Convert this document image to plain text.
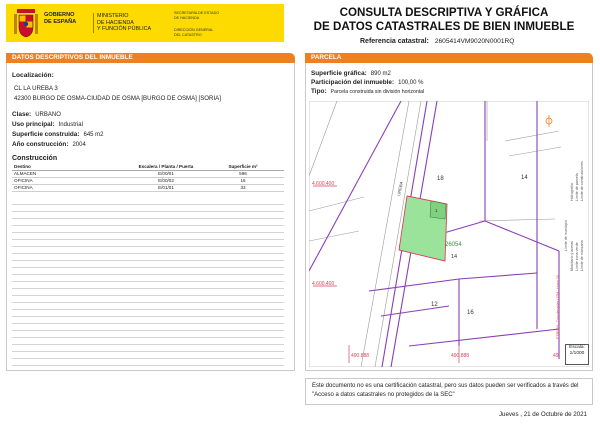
GOBIERNO
DE ESPAÑA
MINISTERIO
DE HACIENDA
Y FUNCIÓN PÚBLICA
SECRETARÍA DE ESTADO
DE HACIENDA
DIRECCIÓN GENERAL
DEL CATASTRO
CONSULTA DESCRIPTIVA Y GRÁFICA
DE DATOS CATASTRALES DE BIEN INMUEBLE
Referencia catastral: 2605414VM9020N0001RQ
DATOS DESCRIPTIVOS DEL INMUEBLE
Localización:
CL LA UREBA 3
42300 BURGO DE OSMA-CIUDAD DE OSMA [BURGO DE OSMA] [SORIA]
Clase: URBANO
Uso principal: Industrial
Superficie construida: 645 m2
Año construcción: 2004
Construcción
Destino	Escalera / Planta / Puerta	Superficie m²
ALMACEN	E/00/01	596
OFICINA	E/00/02	16
OFICINA	E/01/01	33
PARCELA
Superficie gráfica: 890 m2
Participación del inmueble: 100,00 %
Tipo: Parcela construida sin división horizontal
4.600.400
4.600.400
490.888	490.888	49
UREBA
18	14
12
16
14
1
26054
Hidrografía Límite de parcela Límite de construcciones
Mobiliario y aceras Límite zona verde Límite de manzana
Límite de municipio
ETRS89 - Coordenadas UTM - Huso 30
Escala:
1/1000
Este documento no es una certificación catastral, pero sus datos pueden ser verificados a través del "Acceso a datos catastrales no protegidos de la SEC"
Jueves , 21 de Octubre de 2021
